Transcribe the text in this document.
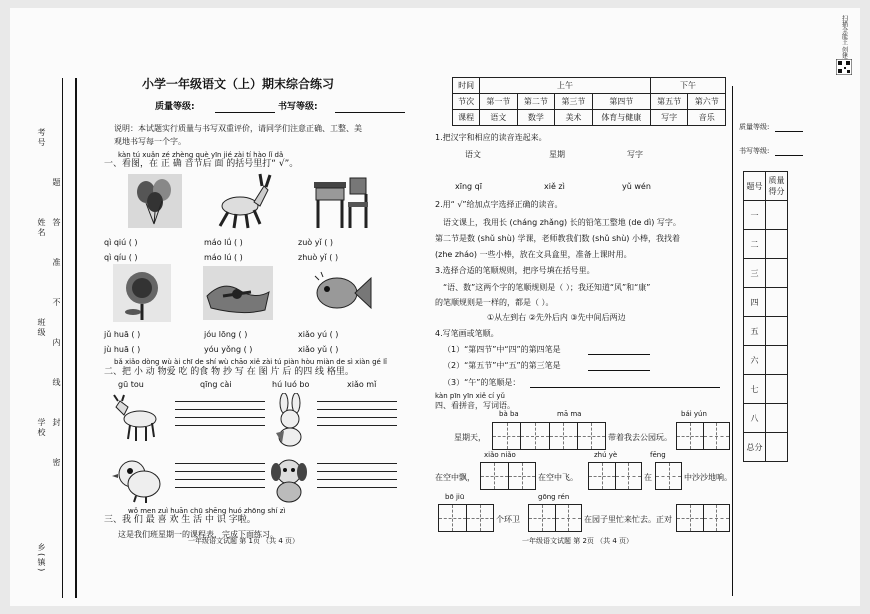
考号
姓名
班级
学校
乡(镇)
题
答
准
不
内
线
封
密
小学一年级语文（上）期末综合练习
质量等级:	书写等级:
说明：本试题实行质量与书写双重评价，请同学们注意正确、工整、美
观地书写每一个字。
kàn tú xuǎn zé zhèng què yīn jié zài tí hào lǐ dǎ
一、看图，在 正 确 音节后 面 的括号里打“ √”。
qì qiú ( )	máo lǘ ( )	zuò yǐ ( )
qì qíu ( )	máo lú ( )	zhuò yǐ ( )
jǔ huā ( )	jóu lōng ( )	xiǎo yú ( )
jù huā ( )	yóu yǒng ( )	xiǎo yǔ ( )
bǎ xiǎo dòng wù ài chī de shí wù chāo xiě zài tú piàn hòu miàn de sì xiàn gé lǐ
二、把 小 动 物爱 吃 的食 物 抄 写 在 图 片 后 的四 线 格里。
gū tou	qīng cài	hú luó bo	xiǎo mǐ
wǒ men zuì huān chū shēng huó zhōng shí zì
三、我 们 最 喜 欢 生 活 中 识 字啦。
这是我们班星期一的课程表，完成下面练习。
一年级语文试题 第 1页 （共 4 页）
时间	上午				下午	
节次	第一节	第二节	第三节	第四节	第五节	第六节
课程	语文	数学	美术	体育与健康	写字	音乐
1.把汉字和相应的读音连起来。
语文	星期	写字
xīng qī	xiě zì	yǔ wén
2.用“ √”给加点字选择正确的读音。
语文课上，我用长 (cháng zhǎng) 长的铅笔工整地 (de dì) 写字。
第二节是数 (shǔ shù) 学课，老师教我们数 (shǔ shù) 小棒，我找着
(zhe zháo) 一些小棒，放在文具盒里，准备上课时用。
3.选择合适的笔顺规则，把序号填在括号里。
“语、数”这两个字的笔顺规则是（ ）；我还知道“风”和“康”
的笔顺规则是一样的，都是（ ）。
①从左到右 ②先外后内 ③先中间后两边
4.写笔画或笔顺。
（1）“第四节”中“四”的第四笔是
（2）“第五节”中“五”的第三笔是
（3）“午”的笔顺是：
kàn pīn yīn xiě cí yǔ
四、看拼音，写词语。
bà ba	mā ma	bái yún
星期天，	带着我去公园玩。
xiǎo niǎo	zhú yè	fēng
在空中飘，	在空中飞。	在	中沙沙地响。
bō jiū	gōng rén
个环卫	在园子里忙来忙去。正对
一年级语文试题 第 2页 （共 4 页）
扫描全能王 创建
质量等级:
书写等级:
题号	质量得分
一	
二	
三	
四	
五	
六	
七	
八	
总分	
